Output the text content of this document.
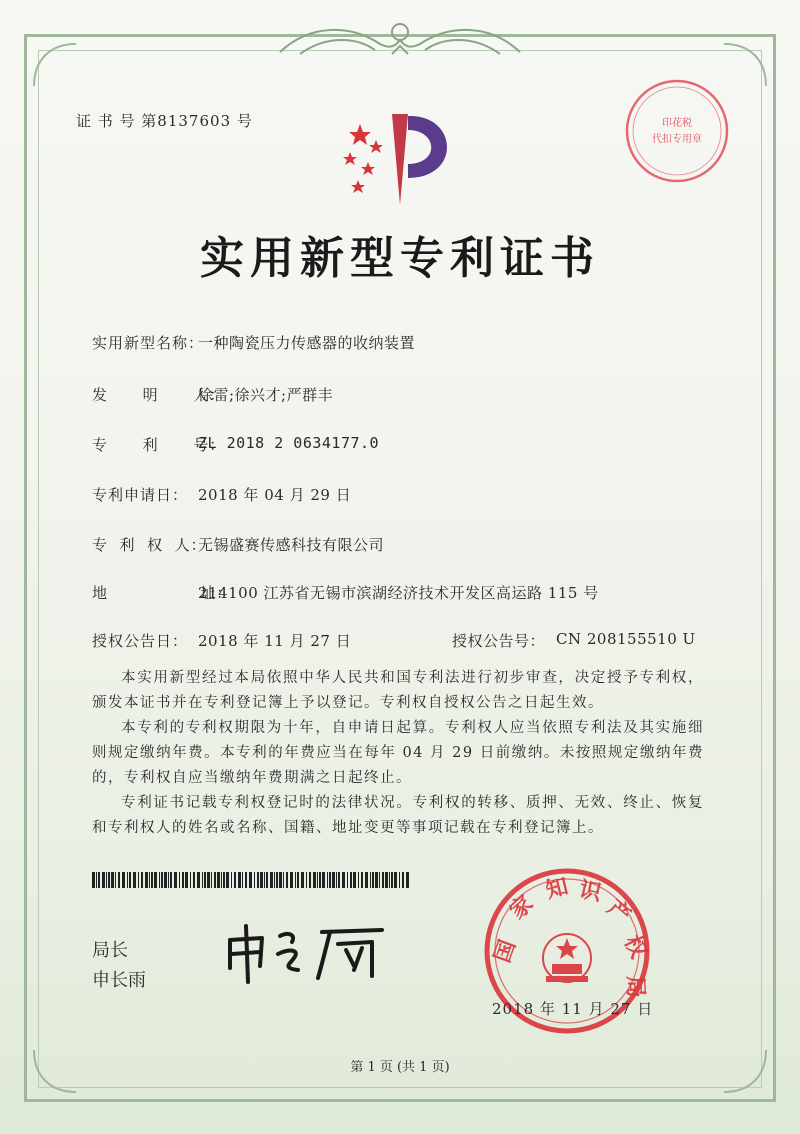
证 书 号 第8137603 号	印花税
代扣专用章
实用新型专利证书
实用新型名称：
一种陶瓷压力传感器的收纳装置
发      明      人：
徐雷;徐兴才;严群丰
专      利      号：
ZL 2018 2 0634177.0
专利申请日： 2018 年 04 月 29 日
专  利  权  人：
无锡盛赛传感科技有限公司
地                址：
214100 江苏省无锡市滨湖经济技术开发区高运路 115 号
授权公告日： 2018 年 11 月 27 日	授权公告号： CN 208155510 U

本实用新型经过本局依照中华人民共和国专利法进行初步审查，决定授予专利权，颁发本证书并在专利登记簿上予以登记。专利权自授权公告之日起生效。

本专利的专利权期限为十年，自申请日起算。专利权人应当依照专利法及其实施细则规定缴纳年费。本专利的年费应当在每年 04 月 29 日前缴纳。未按照规定缴纳年费的，专利权自应当缴纳年费期满之日起终止。

专利证书记载专利权登记时的法律状况。专利权的转移、质押、无效、终止、恢复和专利权人的姓名或名称、国籍、地址变更等事项记载在专利登记簿上。

局长
申长雨
国
家
知 识
产
权
局
2018 年 11 月 27 日
第 1 页 (共 1 页)
